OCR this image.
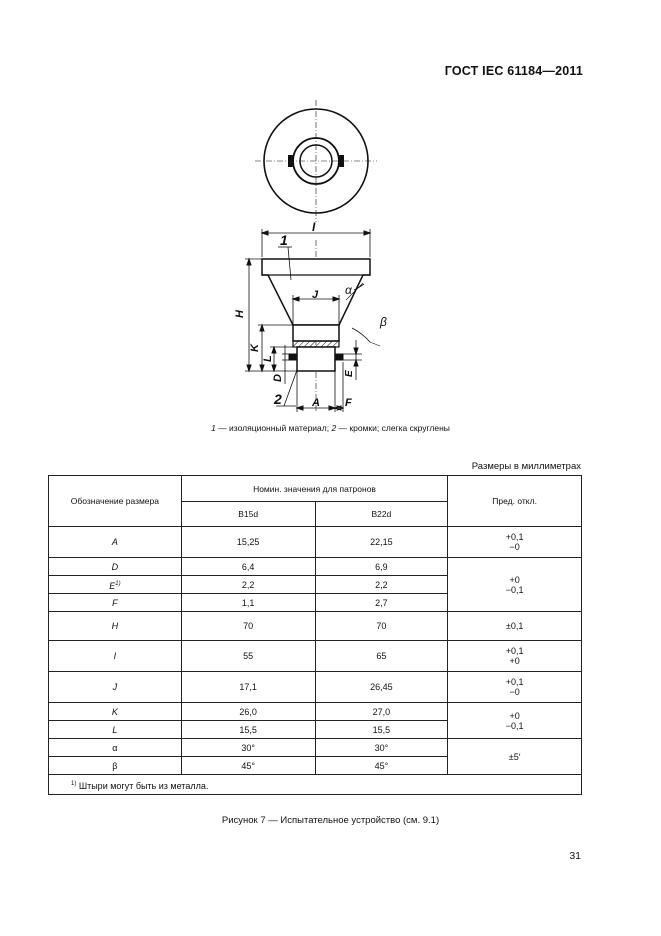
ГОСТ IEC 61184—2011
I
J
H
K
L
D
E
A F
α
β
1
2
1 — изоляционный материал; 2 — кромки; слегка скруглены
Размеры в миллиметрах
Обозначение размера	Номин. значения для патронов		Пред. откл.
	B15d	B22d	
A	15,25	22,15	+0,1
−0

D	6,4	6,9	+0
−0,1

$E^{1)}$	2,2	2,2	
F	1,1	2,7	
H	70	70	±0,1
I	55	65	+0,1
+0

J	17,1	26,45	+0,1
−0

K	26,0	27,0	+0
−0,1

L	15,5	15,5	
α	30°	30°	±5′
β	45°	45°	
$^{1)}$ Штыри могут быть из металла.			
Рисунок 7 — Испытательное устройство (см. 9.1)
31
